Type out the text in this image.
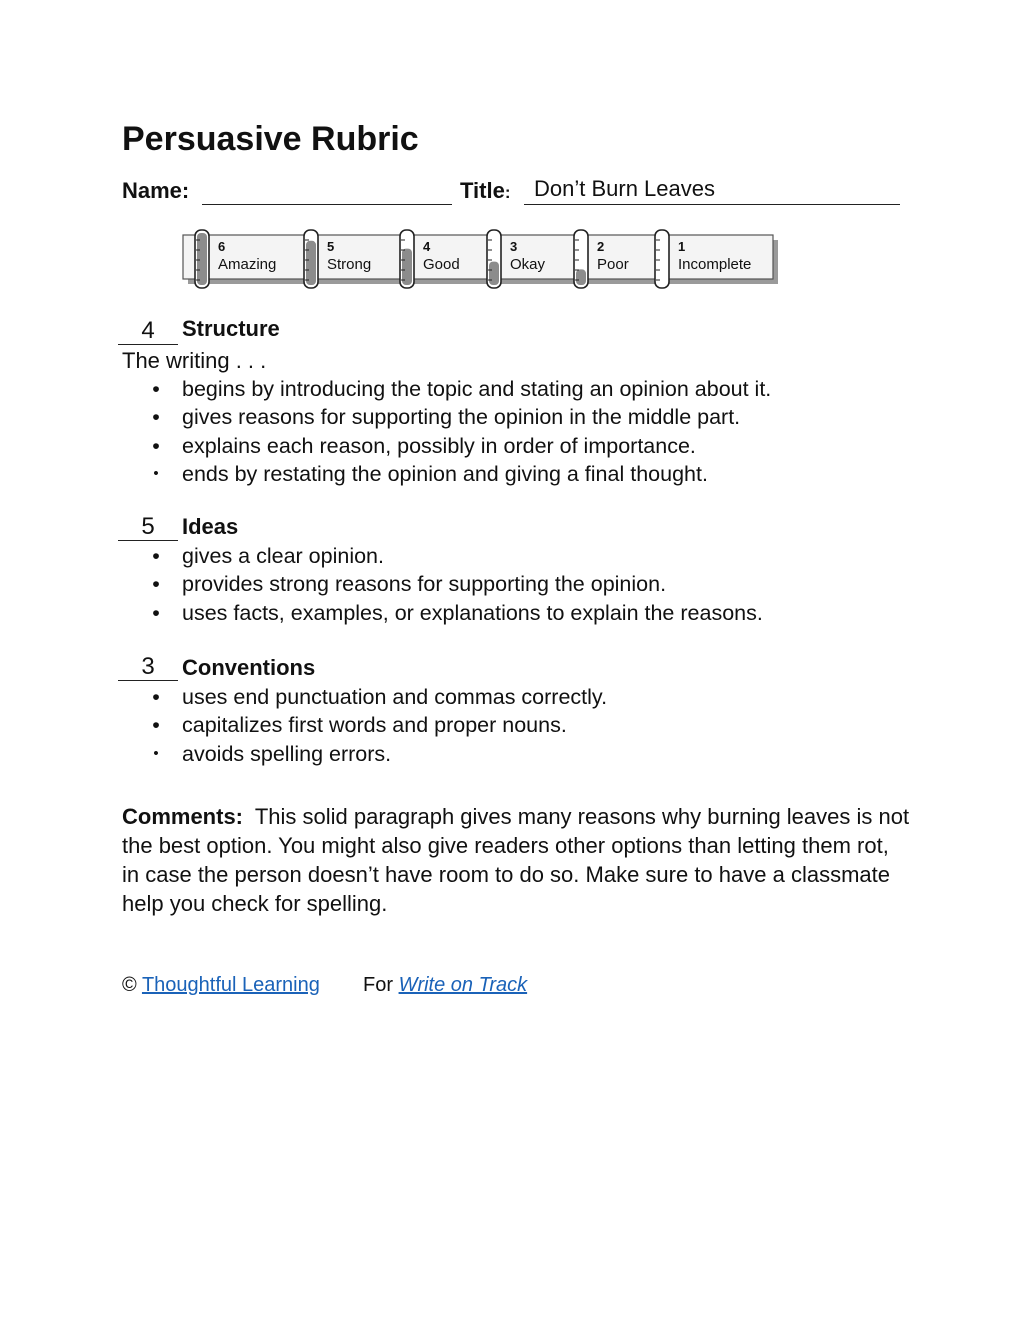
Persuasive Rubric
Name:	Title:	Don’t Burn Leaves
6
Amazing
5
Strong
4
Good
3
Okay
2
Poor
1
Incomplete
4	Structure
The writing . . .
• begins by introducing the topic and stating an opinion about it.
• gives reasons for supporting the opinion in the middle part.
• explains each reason, possibly in order of importance.
• ends by restating the opinion and giving a final thought.
5	Ideas
• gives a clear opinion.
• provides strong reasons for supporting the opinion.
• uses facts, examples, or explanations to explain the reasons.
3	Conventions
• uses end punctuation and commas correctly.
• capitalizes first words and proper nouns.
• avoids spelling errors.

Comments: This solid paragraph gives many reasons why burning leaves is not the best option. You might also give readers other options than letting them rot, in case the person doesn’t have room to do so. Make sure to have a classmate help you check for spelling.

© Thoughtful Learning For Write on Track
